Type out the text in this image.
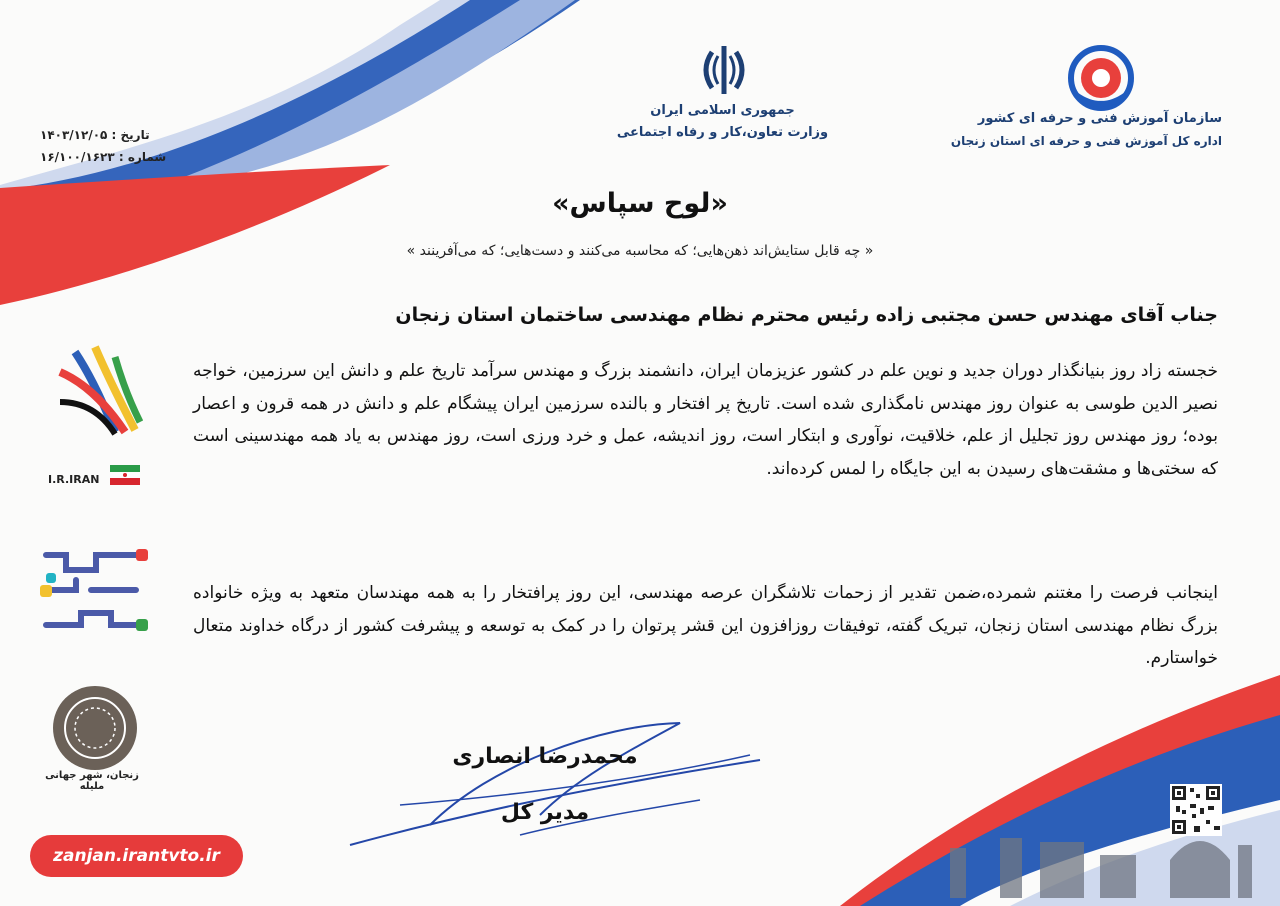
سازمان آموزش فنی و حرفه ای کشور
اداره کل آموزش فنی و حرفه ای استان زنجان
جمهوری اسلامی ایران
وزارت تعاون،کار و رفاه اجتماعی
تاریخ : ۱۴۰۳/۱۲/۰۵
شماره : ۱۶/۱۰۰/۱۶۲۳
«لوح سپاس»
« چه قابل ستایش‌اند ذهن‌هایی؛ که محاسبه می‌کنند و دست‌هایی؛ که می‌آفرینند »
جناب آقای مهندس حسن مجتبی زاده رئیس محترم نظام مهندسی ساختمان استان زنجان
خجسته زاد روز بنیانگذار دوران جدید و نوین علم در کشور عزیزمان ایران، دانشمند بزرگ و مهندس سرآمد تاریخ علم و دانش این سرزمین، خواجه نصیر الدین طوسی به عنوان روز مهندس نامگذاری شده است. تاریخ پر افتخار و بالنده سرزمین ایران پیشگام علم و دانش در همه قرون و اعصار بوده؛ روز مهندس روز تجلیل از علم، خلاقیت، نوآوری و ابتکار است، روز اندیشه، عمل و خرد ورزی است، روز مهندس به یاد همه مهندسینی است که سختی‌ها و مشقت‌های رسیدن به این جایگاه را لمس کرده‌اند.
اینجانب فرصت را مغتنم شمرده،ضمن تقدیر از زحمات تلاشگران عرصه مهندسی، این روز پرافتخار را به همه مهندسان متعهد به ویژه خانواده بزرگ نظام مهندسی استان زنجان، تبریک گفته، توفیقات روزافزون این قشر پرتوان را در کمک به توسعه و پیشرفت کشور از درگاه خداوند متعال خواستارم.
محمدرضا انصاری
مدیر کل
I.R.IRAN
زنجان، شهر جهانی ملیله
zanjan.irantvto.ir
